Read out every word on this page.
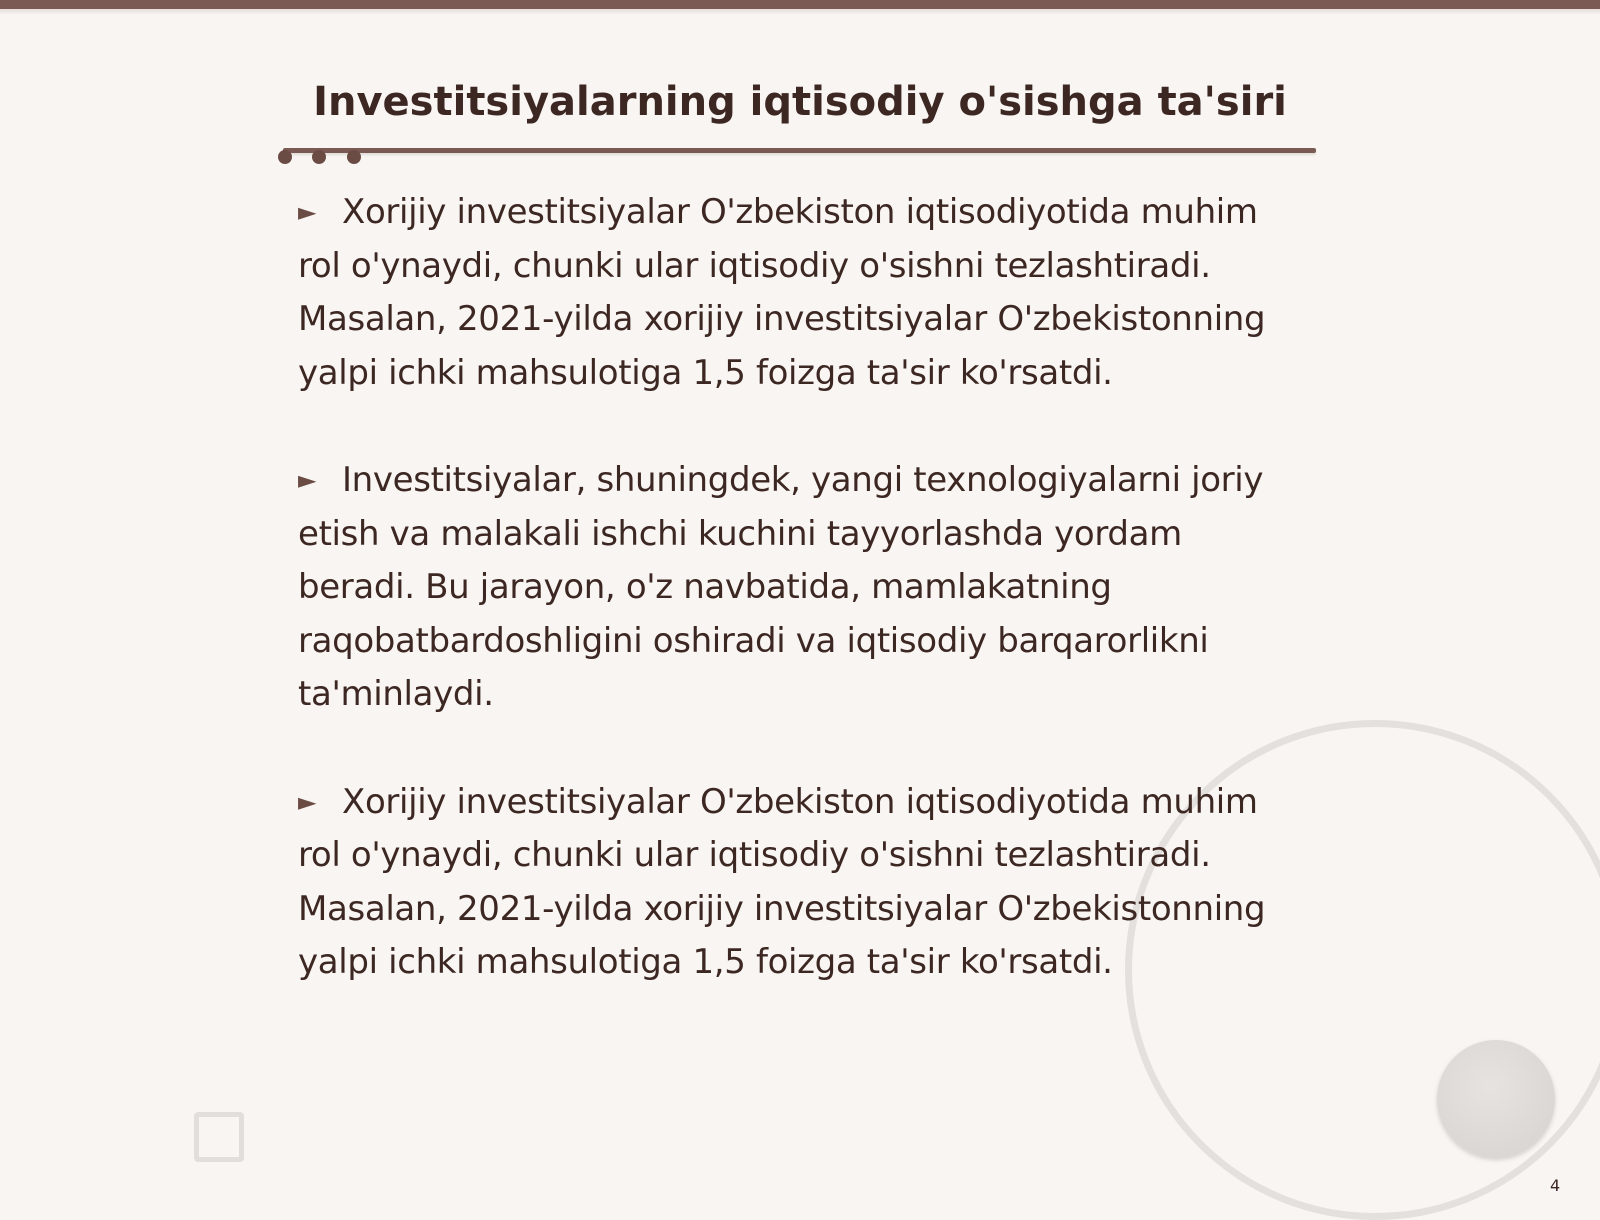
Investitsiyalarning iqtisodiy o'sishga ta'siri

► Xorijiy investitsiyalar O'zbekiston iqtisodiyotida muhim rol o'ynaydi, chunki ular iqtisodiy o'sishni tezlashtiradi. Masalan, 2021-yilda xorijiy investitsiyalar O'zbekistonning yalpi ichki mahsulotiga 1,5 foizga ta'sir ko'rsatdi.

► Investitsiyalar, shuningdek, yangi texnologiyalarni joriy etish va malakali ishchi kuchini tayyorlashda yordam beradi. Bu jarayon, o'z navbatida, mamlakatning raqobatbardoshligini oshiradi va iqtisodiy barqarorlikni ta'minlaydi.

► Xorijiy investitsiyalar O'zbekiston iqtisodiyotida muhim rol o'ynaydi, chunki ular iqtisodiy o'sishni tezlashtiradi. Masalan, 2021-yilda xorijiy investitsiyalar O'zbekistonning yalpi ichki mahsulotiga 1,5 foizga ta'sir ko'rsatdi.

4
